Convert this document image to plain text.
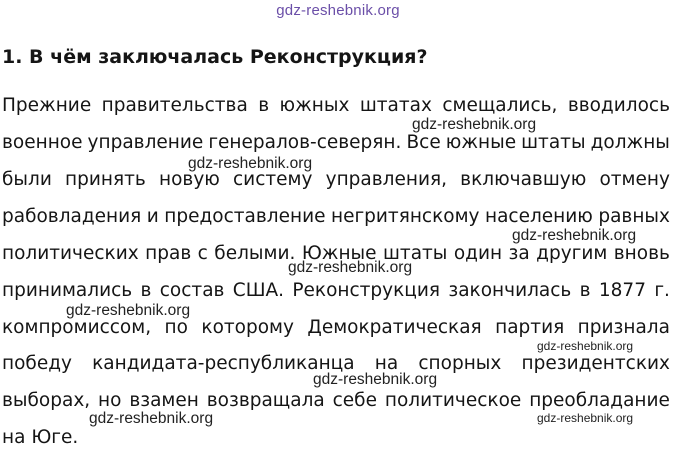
gdz-reshebnik.org
1. В чём заключалась Реконструкция?
Прежние правительства в южных штатах смещались, вводилось
военное управление генералов-северян. Все южные штаты должны
были принять новую систему управления, включавшую отмену
рабовладения и предоставление негритянскому населению равных
политических прав с белыми. Южные штаты один за другим вновь
принимались в состав США. Реконструкция закончилась в 1877 г.
компромиссом, по которому Демократическая партия признала
победу кандидата-республиканца на спорных президентских
выборах, но взамен возвращала себе политическое преобладание
на Юге.
gdz-reshebnik.org
gdz-reshebnik.org
gdz-reshebnik.org
gdz-reshebnik.org
gdz-reshebnik.org
gdz-reshebnik.org
gdz-reshebnik.org
gdz-reshebnik.org	gdz-reshebnik.org
